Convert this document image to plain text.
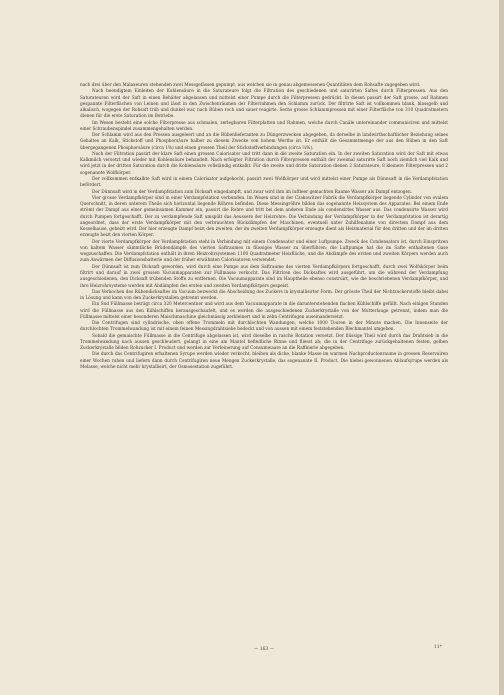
nach drei über den Malaxeuren stehenden zwei Messgefässen gepumpt, aus welchen sie in genau abgemessenen Quantitäten dem Rohsafte zugegeben wird.

Nach beendigtem Einleiten der Kohlensäure in die Saturateure folgt die Filtration des geschiedenen und saturirten Saftes durch Filterpressen. Aus den Saturateuren wird der Saft in einen Behälter abgelassen und mittelst einer Pumpe durch die Filterpressen gedrückt. In diesen passirt der Saft grosse, auf Rahmen gespannte Filterflächen von Leinen und lässt in den Zwischenräumen der Filterrahmen den Schlamm zurück. Der filtrirte Saft ist vollkommen blank, blassgelb und alkalisch, wogegen der Rohsaft trüb und dunkel war, nach Rüben roch und sauer reagirte. Sechs grosse Schlammpressen mit einer Filterfläche von 310 Quadratmetern dienen für die erste Saturation im Betriebe.

Im Wesen besteht eine solche Filterpresse aus schmalen, zerlegbaren Filterplatten und Rahmen, welche durch Canäle untereinander communiciren und mittelst einer Schraubenspindel zusammengehalten werden.

Der Schlamm wird aus den Pressen ausgeleert und an die Rübenlieferanten zu Düngerzwecken abgegeben, da derselbe in landwirthschaftlicher Beziehung seines Gehaltes an Kalk, Stickstoff und Phosphorsäure halber zu diesem Zwecke von hohem Werthe ist. Er enthält die Gesammtmenge der aus den Rüben in den Saft übergegangenen Phosphorsäure (circa 1%) und einen grossen Theil der Stickstoffverbindungen (circa ¼%).

Nach der Filtration passirt der klare Saft einen grossen Calorisator und tritt dann in die zweite Saturation ein. In der zweiten Saturation wird der Saft mit etwas Kalkmilch versetzt und wieder mit Kohlensäure behandelt. Nach erfolgter Filtration durch Filterpressen enthält der zweimal saturirte Saft noch ziemlich viel Kalk und wird jetzt in der dritten Saturation durch die Kohlensäure vollständig entkalkt. Für die zweite und dritte Saturation dienen 2 Saturateure, 8 kleinere Filterpressen und 2 sogenannte Wolfkörper.

Der vollkommen entkalkte Saft wird in einem Calorisator aufgekocht, passirt zwei Wolfkörper und wird mittelst einer Pumpe als Dünnsaft in die Verdampfstation befördert.

Der Dünnsaft wird in der Verdampfstation zum Dicksaft eingedampft, und zwar wird ihm im luftleer gemachten Raume Wasser als Dampf entzogen.

Vier grosse Verdampfkörper sind in einer Verdampfstation verbunden. Im Wesen sind in der Czakowitzer Fabrik die Verdampfkörper liegende Cylinder von ovalem Querschnitt, in deren unterem Theile sich horizontal liegende Röhren befinden. Diese Messingröhre bilden das sogenannte Heizsystem des Apparates. Bei einem Ende strömt der Dampf aus einer gemeinsamen Kammer ein, passirt die Rohre und tritt bei dem anderen Ende als condensirtes Wasser aus. Das condensirte Wasser wird durch Pumpen fortgeschafft. Der zu verdampfende Saft umspült das Aeussere der Heizrohre. Die Verbindung der Verdampfkörper in der Verdampfstation ist derartig angeordnet, dass der erste Verdampfkörper mit den verbrauchten Rückdämpfen der Maschinen, eventuell unter Zuhilfenahme von directem Dampf aus dem Kesselhause, geheizt wird. Der hier erzeugte Dampf heizt den zweiten, der im zweiten Verdampfkörper erzeugte dient als Heizmaterial für den dritten und der im dritten erzeugte heizt den vierten Körper.

Der vierte Verdampfkörper der Verdampfstation steht in Verbindung mit einem Condensator und einer Luftpumpe. Zweck des Condensators ist, durch Einspritzen von kaltem Wasser sämmtliche Brüdendämpfe des vierten Saftraumes in flüssiges Wasser zu überführen; die Luftpumpe hat die im Safte enthaltenen Gase wegzuschaffen. Die Verdampfstation enthält in ihren Heizrohrsystemen 1100 Quadratmeter Heizfläche, und die Abdämpfe des ersten und zweiten Körpers werden auch zum Anwärmen der Diffusionsbatterie und der früher erwähnten Calorisatoren verwendet.

Der Dünnsaft ist zum Dicksaft geworden, wird durch eine Pumpe aus dem Saftraume des vierten Verdampfkörpers fortgeschafft, durch zwei Wolfskörper beim filtrirt und darauf in zwei grossen Vacuumapparaten zur Füllmasse verkocht. Das Filtriren des Dicksaftes wird ausgeführt, um die während der Verdampfung ausgeschiedenen, den Dicksaft trübenden Stoffe zu entfernen. Die Vacuumapparate sind im Hauptheile ebenso construirt, wie die beschriebenen Verdampfkörper, und ihre Heizrohrsysteme werden mit Abdämpfen des ersten und zweiten Verdampfkörpers gespeist.

Das Verkochen des Rübendicksaftes im Vacuum bezweckt die Abscheidung des Zuckers in krystallisirter Form. Der grösste Theil der Nichtzuckerstoffe bleibt dabei in Lösung und kann von den Zuckerkrystallen getrennt werden.

Ein Sud Füllmasse beträgt circa 320 Metercentner und wird aus dem Vacuumapparate in die darunterstehenden flachen Kühlschiffe gefüllt. Nach einigen Stunden wird die Füllmasse aus den Kühlschiffen herausgeschaufelt, und es werden die ausgeschiedenen Zuckerkrystalle von der Mutterlauge getrennt, indem man die Füllmasse mittelst einer besonderen Maischmaschine gleichmässig zerkleinert und in zehn Centrifugen auseinandersetzt.

Die Centrifugen sind cylindrische, oben offene Trommeln mit durchlochten Wandungen, welche 1000 Touren in der Minute machen. Die Innenseite der durchlochten Trommelwandung ist mit einem feinen Messingdrahtsiebe bedeckt und von aussen mit einem feststehenden Blechmantel umgeben.

Sobald die gemaischte Füllmasse in die Centrifuge abgelassen ist, wird dieselbe in rasche Rotation versetzt. Der flüssige Theil wird durch das Drahtsieb in die Trommelwandung nach aussen geschleudert, gelangt in eine am Mantel befindliche Rinne und fliesst ab; die in der Centrifuge zurückgehaltenen festen, gelben Zuckerkrystalle bilden Rohzucker I. Product und werden zur Verfeinerung auf Consumwaare an die Raffinerie abgegeben.

Die durch das Centrifugiren erhaltenen Syrupe werden wieder verkocht, bleiben als dicke, blanke Masse im warmen Nachproductenraume in grossen Reservoiren einer Wochen ruhen und liefern dann durch Centrifugiren neue Mengen Zuckerkrystalle, das sogenannte II. Product. Die hiebei gewonnenen Ablaufsyrupe werden als Melasse, welche nicht mehr krystallisirt, der Osmosestation zugeführt.

— 163 —	11*
